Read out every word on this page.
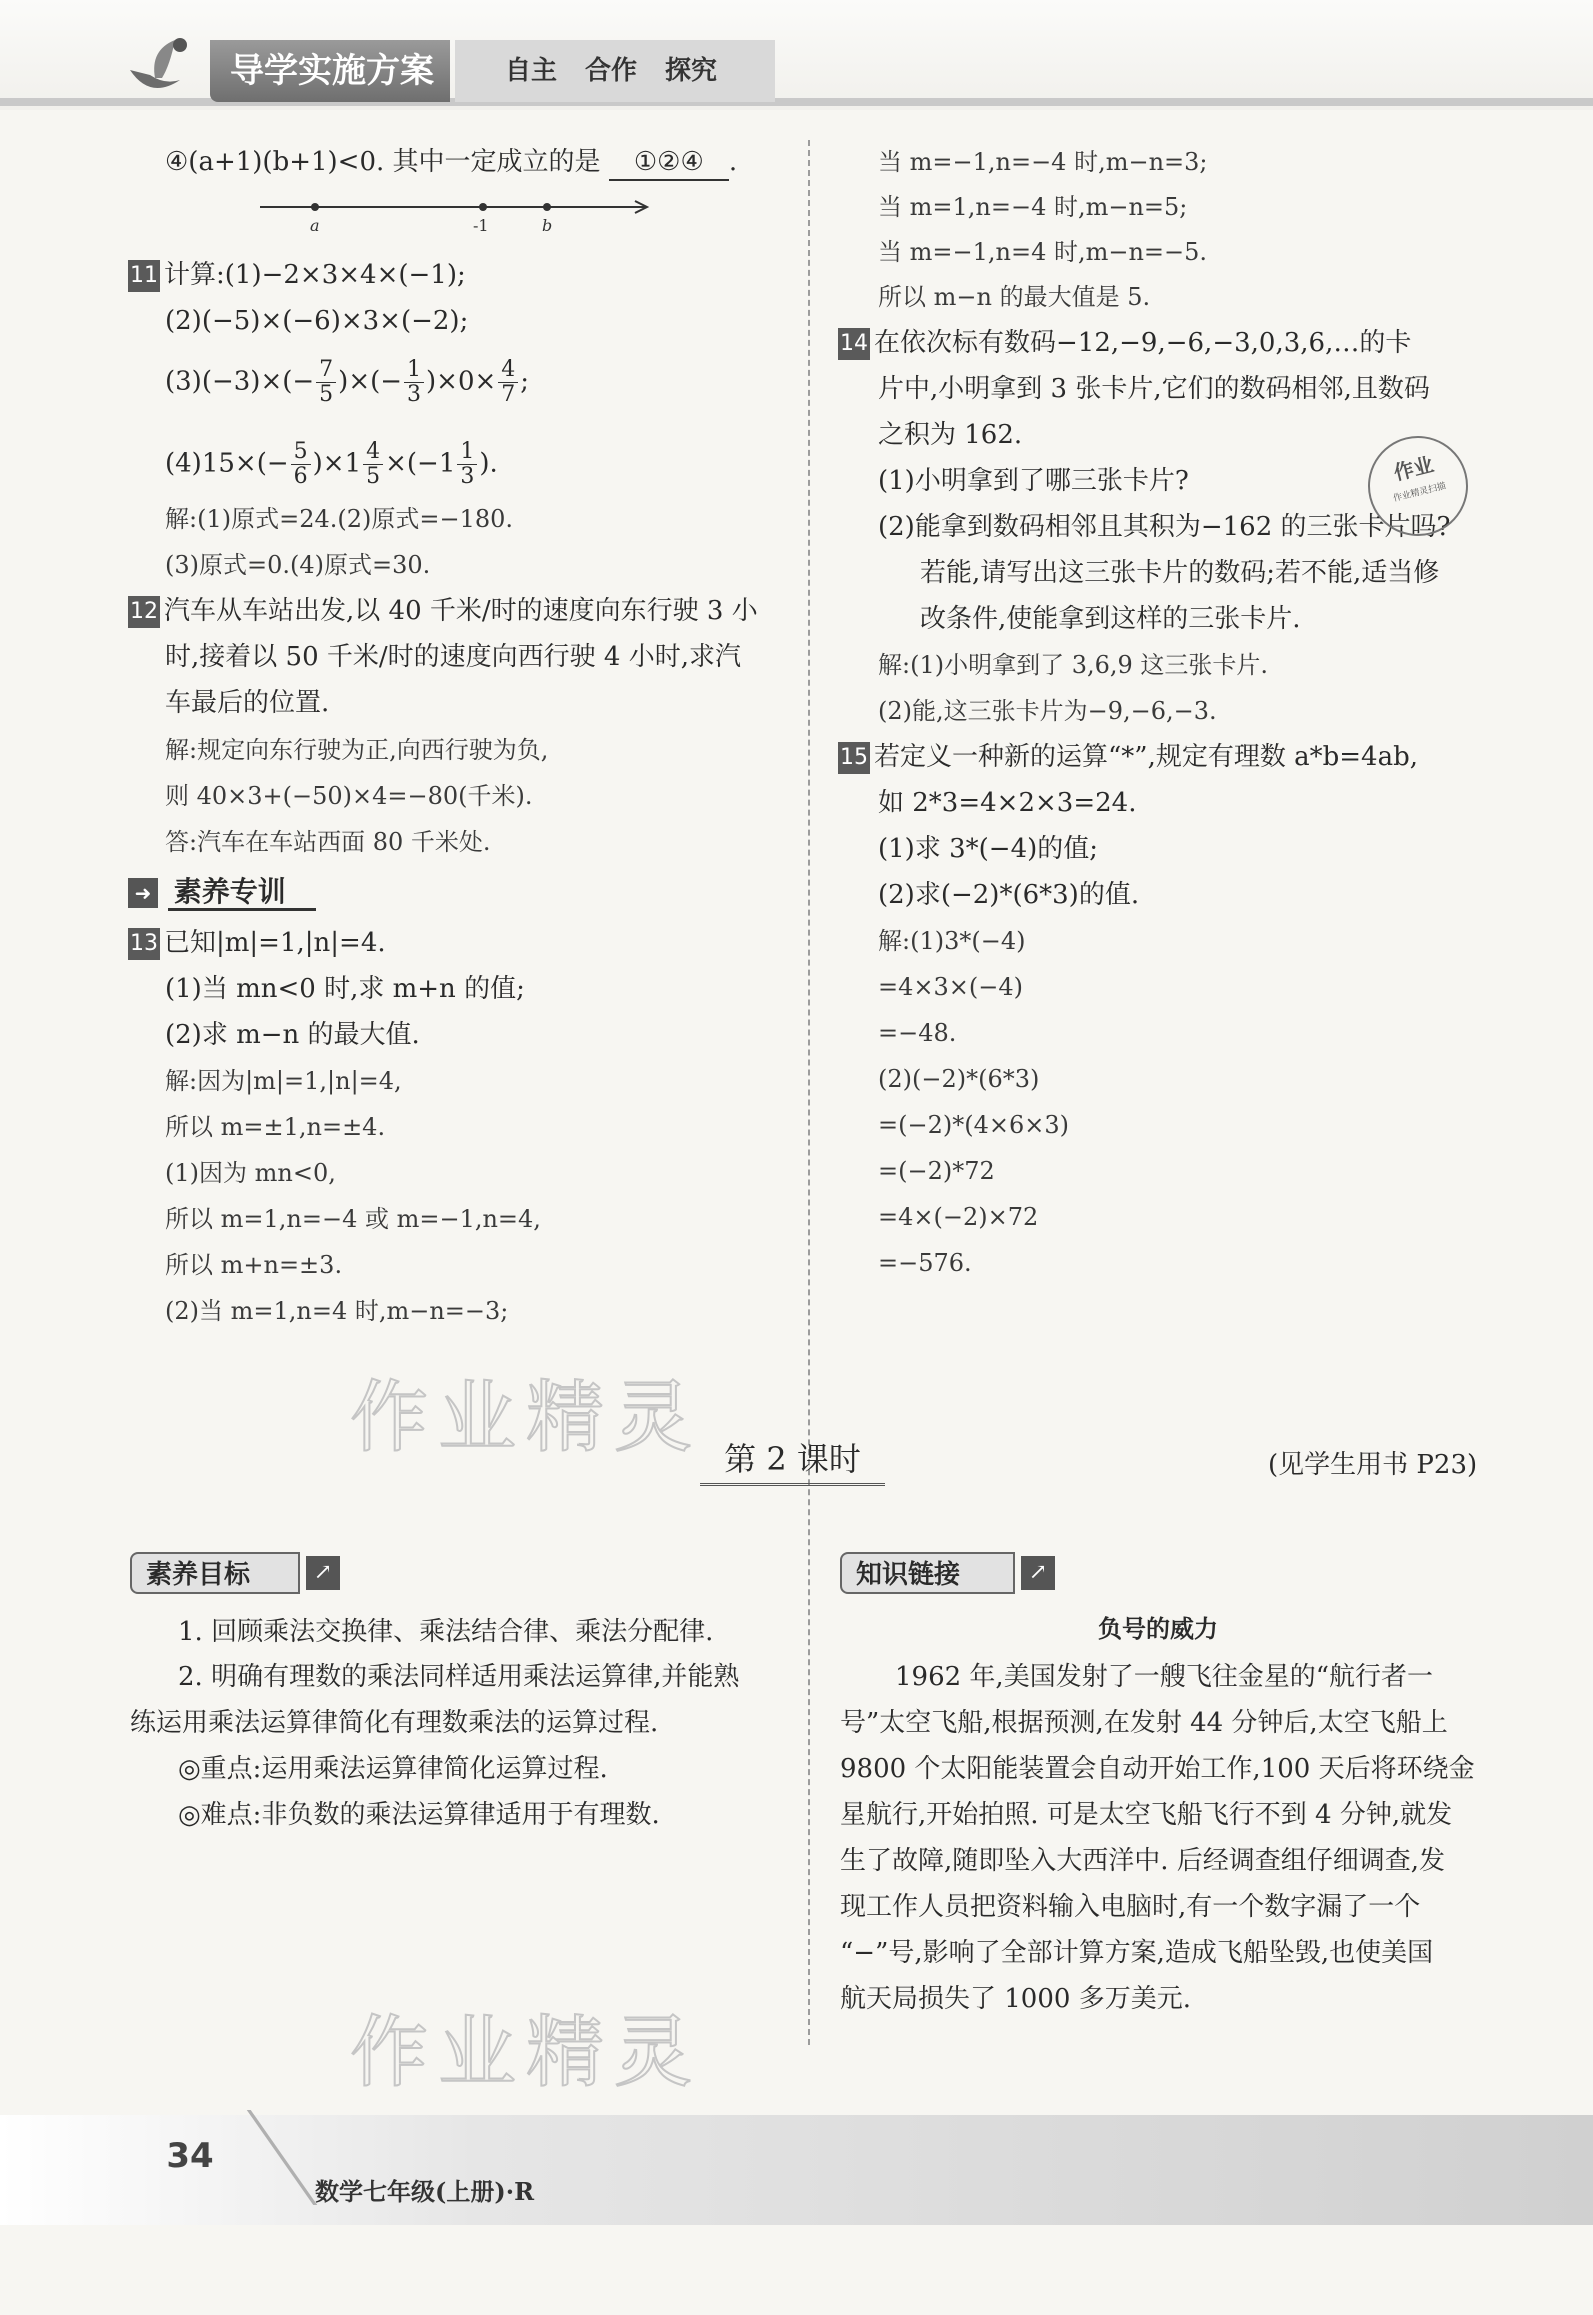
导学实施方案	自主 合作 探究
④(a+1)(b+1)<0. 其中一定成立的是 ①②④ .
a	-1	b
11 计算:(1)−2×3×4×(−1);
(2)(−5)×(−6)×3×(−2);
$(3)(-3)\times(- \frac{7}{5}$ )×(− $\frac{1}{3} )\times 0\times \frac{4}{7}$ ;
$(4)15\times(- \frac{5}{6} )\times 1 \frac{4}{5} \times(-1 \frac{1}{3}$ ).
解:(1)原式=24.(2)原式=−180.
(3)原式=0.(4)原式=30.
12 汽车从车站出发,以 40 千米/时的速度向东行驶 3 小
时,接着以 50 千米/时的速度向西行驶 4 小时,求汽
车最后的位置.
解:规定向东行驶为正,向西行驶为负,
则 40×3+(−50)×4=−80(千米).
答:汽车在车站西面 80 千米处.
➜ 素养专训
13 已知|m|=1,|n|=4.
(1)当 mn<0 时,求 m+n 的值;
(2)求 m−n 的最大值.
解:因为|m|=1,|n|=4,
所以 m=±1,n=±4.
(1)因为 mn<0,
所以 m=1,n=−4 或 m=−1,n=4,
所以 m+n=±3.
(2)当 m=1,n=4 时,m−n=−3;
当 m=−1,n=−4 时,m−n=3;
当 m=1,n=−4 时,m−n=5;
当 m=−1,n=4 时,m−n=−5.
所以 m−n 的最大值是 5.
14 在依次标有数码−12,−9,−6,−3,0,3,6,…的卡
片中,小明拿到 3 张卡片,它们的数码相邻,且数码
之积为 162.
(1)小明拿到了哪三张卡片?
(2)能拿到数码相邻且其积为−162 的三张卡片吗?
若能,请写出这三张卡片的数码;若不能,适当修
改条件,使能拿到这样的三张卡片.
解:(1)小明拿到了 3,6,9 这三张卡片.
(2)能,这三张卡片为−9,−6,−3.
作业
作业精灵扫描
15 若定义一种新的运算“*”,规定有理数 a*b=4ab,
如 2*3=4×2×3=24.
(1)求 3*(−4)的值;
(2)求(−2)*(6*3)的值.
解:(1)3*(−4)
=4×3×(−4)
=−48.
(2)(−2)*(6*3)
=(−2)*(4×6×3)
=(−2)*72
=4×(−2)×72
=−576.
作业精灵
作业精灵
第 2 课时	(见学生用书 P23)
素养目标	↗
1. 回顾乘法交换律、乘法结合律、乘法分配律.
2. 明确有理数的乘法同样适用乘法运算律,并能熟
练运用乘法运算律简化有理数乘法的运算过程.
◎重点:运用乘法运算律简化运算过程.
◎难点:非负数的乘法运算律适用于有理数.
知识链接	↗
负号的威力
1962 年,美国发射了一艘飞往金星的“航行者一
号”太空飞船,根据预测,在发射 44 分钟后,太空飞船上
9800 个太阳能装置会自动开始工作,100 天后将环绕金
星航行,开始拍照. 可是太空飞船飞行不到 4 分钟,就发
生了故障,随即坠入大西洋中. 后经调查组仔细调查,发
现工作人员把资料输入电脑时,有一个数字漏了一个
“−”号,影响了全部计算方案,造成飞船坠毁,也使美国
航天局损失了 1000 多万美元.
34
数学七年级(上册)·R
